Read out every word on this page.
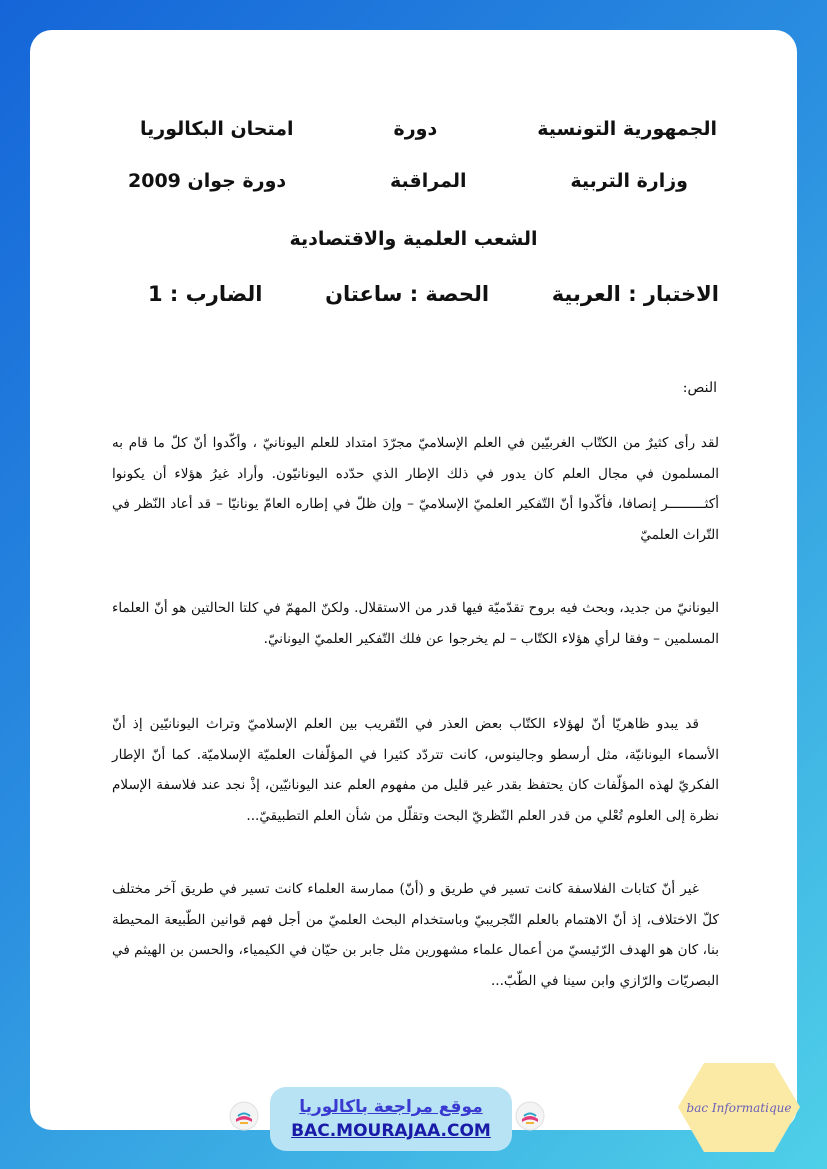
الجمهورية التونسية
دورة
امتحان البكالوريا
وزارة التربية
المراقبة
دورة جوان 2009
الشعب العلمية والاقتصادية
الاختبار : العربية
الحصة : ساعتان
الضارب : 1
النص:

لقد رأى كثيرٌ من الكتّاب الغربيّين في العلم الإسلاميّ مجرّدَ امتداد للعلم اليونانيّ ، وأكّدوا أنّ كلّ ما قام به المسلمون في مجال العلم كان يدور في ذلك الإطار الذي حدّده اليونانيّون. وأراد غيرُ هؤلاء أن يكونوا أكثـــــــــر إنصافا، فأكّدوا أنّ التّفكير العلميّ الإسلاميّ – وإن ظلّ في إطاره العامّ يونانيّا – قد أعاد النّظر في التّراث العلميّ

اليونانيّ من جديد، وبحث فيه بروح تقدّميّة فيها قدر من الاستقلال. ولكنّ المهمّ في كلتا الحالتين هو أنّ العلماء المسلمين – وفقا لرأي هؤلاء الكتّاب – لم يخرجوا عن فلك التّفكير العلميّ اليونانيّ.

قد يبدو ظاهريّا أنّ لهؤلاء الكتّاب بعض العذر في التّقريب بين العلم الإسلاميّ وتراث اليونانيّين إذ أنّ الأسماء اليونانيّة، مثل أرسطو وجالينوس، كانت تتردّد كثيرا في المؤلّفات العلميّة الإسلاميّة. كما أنّ الإطار الفكريّ لهذه المؤلّفات كان يحتفظ بقدر غير قليل من مفهوم العلم عند اليونانيّين، إذْ نجد عند فلاسفة الإسلام نظرة إلى العلوم تُعْلي من قدر العلم النّظريّ البحت وتقلّل من شأن العلم التطبيقيّ...

غير أنّ كتابات الفلاسفة كانت تسير في طريق و (أنّ) ممارسة العلماء كانت تسير في طريق آخر مختلف كلّ الاختلاف، إذ أنّ الاهتمام بالعلم التّجريبيّ وباستخدام البحث العلميّ من أجل فهم قوانين الطّبيعة المحيطة بنا، كان هو الهدف الرّئيسيّ من أعمال علماء مشهورين مثل جابر بن حيّان في الكيمياء، والحسن بن الهيثم في البصريّات والرّازي وابن سينا في الطّبّ...

موقع مراجعة باكالوريا
BAC.MOURAJAA.COM
bac Informatique
